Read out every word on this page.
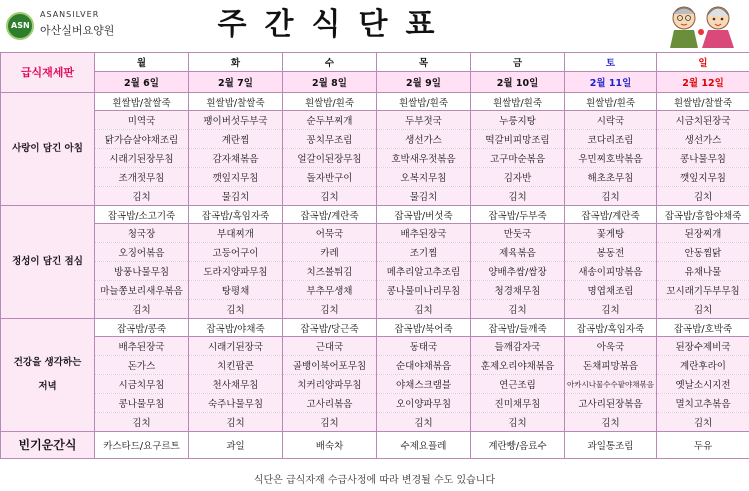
ASN
ASANSILVER
아산실버요양원	주간식단표
급식재세판	월	화	수	목	금	토	일
	2월 6일	2월 7일	2월 8일	2월 9일	2월 10일	2월 11일	2월 12일
사랑이 담긴 아침	흰쌀밥/찰쌀죽	흰쌀밥/찰쌀죽	흰쌀밥/흰죽	흰쌀밥/흰죽	흰쌀밥/흰죽	흰쌀밥/흰죽	흰쌀밥/찰쌀죽
	미역국	팽이버섯두부국	순두부찌개	두부젓국	누룽지탕	시락국	시금치된장국
	닭가슴살야채조림	계란찜	꽁치무조림	생선가스	떡갈비피망조림	코다리조림	생선가스
	시래기된장무침	감자채볶음	얼갈이된장무침	호박새우젓볶음	고구마순볶음	우민찌호박볶음	콩나물무침
	조개젓무침	깻잎지무침	돌자반구이	오복지무침	김자반	해초초무침	깻잎지무침
	김치	물김치	김치	물김치	김치	김치	김치
정성이 담긴 점심	잡곡밥/소고기죽	잡곡밥/흑임자죽	잡곡밥/계란죽	잡곡밥/버섯죽	잡곡밥/두부죽	잡곡밥/계란죽	잡곡밥/흥합야채죽
	청국장	부대찌개	어묵국	배추된장국	만둣국	꽃게탕	된장찌개
	오징어볶음	고등어구이	카레	조기찜	제육볶음	봉동전	안동찜닭
	방풍나물무침	도라지양파무침	치즈볼튀김	메추리알고추조림	양배추쌈/쌈장	새송이피망볶음	유채나물
	마늘쫑보리새우볶음	탕평채	부추무생채	콩나물미나리무침	청경채무침	명엽채조림	꼬시래기두부무침
	김치	김치	김치	김치	김치	김치	김치
건강을 생각하는 저녁	잡곡밥/콩죽	잡곡밥/야채죽	잡곡밥/당근죽	잡곡밥/북어죽	잡곡밥/들깨죽	잡곡밥/흑임자죽	잡곡밥/호박죽
	배추된장국	시래기된장국	근대국	동태국	들깨감자국	아욱국	된장수제비국
	돈가스	치킨팝콘	골뱅이북어포무침	순대야채볶음	훈제오리야채볶음	돈채피망볶음	계란후라이
	시금치무침	천사채무침	치커리양파무침	야채스크램블	연근조림	아카시나물수수팥야채볶음	옛날소시지전
	콩나물무침	숙주나물무침	고사리볶음	오이양파무침	진미채무침	고사리된장볶음	멸치고추볶음
	김치	김치	김치	김치	김치	김치	김치
빈기운간식	카스타드/요구르트	과일	배숙차	수제요플레	계란빵/음료수	과일통조림	두유
식단은 급식자재 수급사정에 따라 변경될 수도 있습니다
